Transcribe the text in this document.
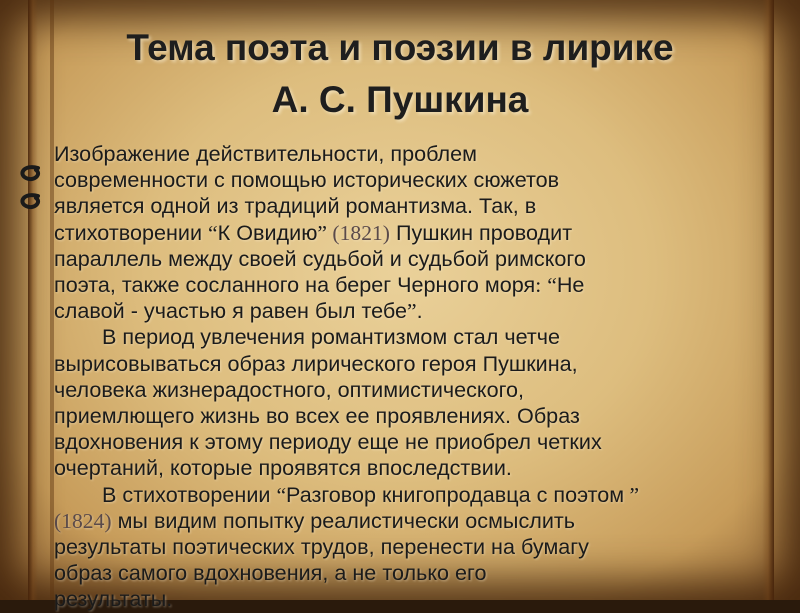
Тема поэта и поэзии в лирике
А. С. Пушкина
Изображение действительности, проблем
современности с помощью исторических сюжетов
является одной из традиций романтизма. Так, в
стихотворении “К Овидию” (1821) Пушкин проводит
параллель между своей судьбой и судьбой римского
поэта, также сосланного на берег Черного моря: “Не
славой - участью я равен был тебе”.
В период увлечения романтизмом стал четче
вырисовываться образ лирического героя Пушкина,
человека жизнерадостного, оптимистического,
приемлющего жизнь во всех ее проявлениях. Образ
вдохновения к этому периоду еще не приобрел четких
очертаний, которые проявятся впоследствии.
В стихотворении “Разговор книгопродавца с поэтом ”
(1824) мы видим попытку реалистически осмыслить
результаты поэтических трудов, перенести на бумагу
образ самого вдохновения, а не только его
результаты.
